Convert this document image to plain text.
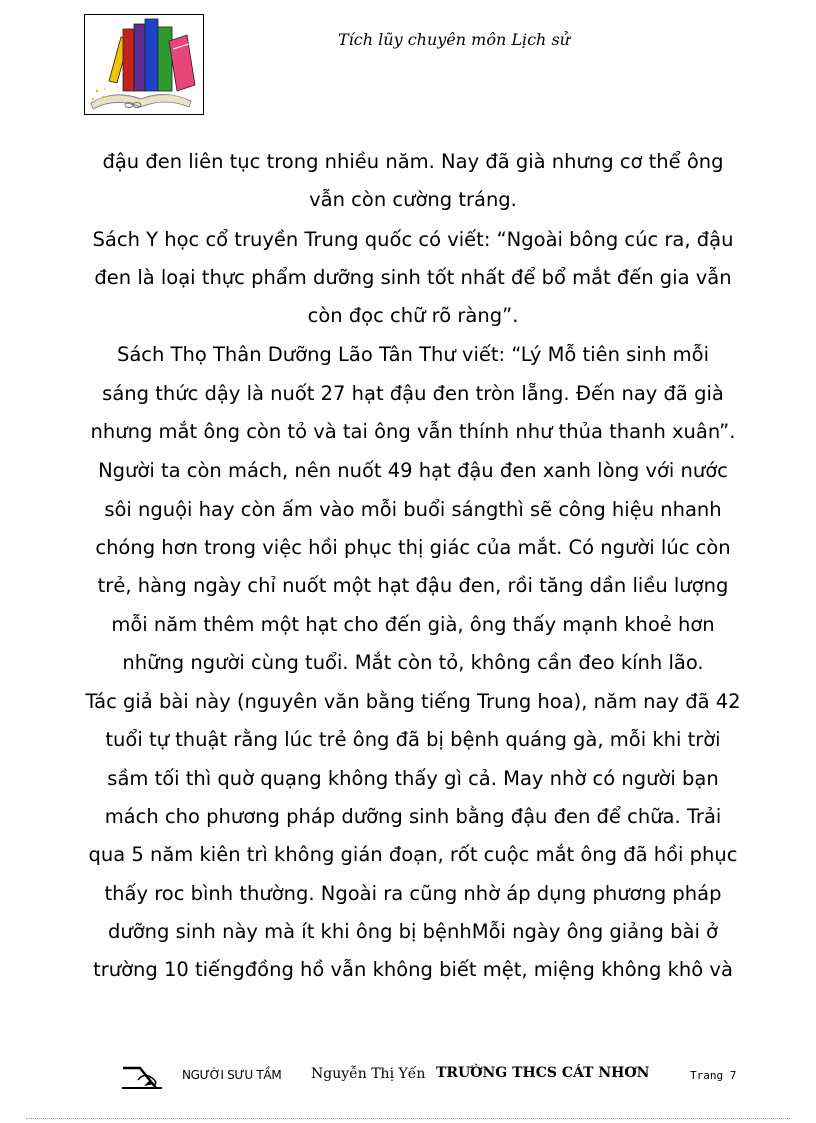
Tích lũy chuyên môn Lịch sử
đậu đen liên tục trong nhiều năm. Nay đã già nhưng cơ thể ông
vẫn còn cường tráng.
Sách Y học cổ truyền Trung quốc có viết: “Ngoài bông cúc ra, đậu
đen là loại thực phẩm dưỡng sinh tốt nhất để bổ mắt đến gia vẫn
còn đọc chữ rõ ràng”.
Sách Thọ Thân Dưỡng Lão Tân Thư viết: “Lý Mỗ tiên sinh mỗi
sáng thức dậy là nuốt 27 hạt đậu đen tròn lẵng. Đến nay đã già
nhưng mắt ông còn tỏ và tai ông vẫn thính như thủa thanh xuân”.
Người ta còn mách, nên nuốt 49 hạt đậu đen xanh lòng với nước
sôi nguội hay còn ấm vào mỗi buổi sángthì sẽ công hiệu nhanh
chóng hơn trong việc hồi phục thị giác của mắt. Có người lúc còn
trẻ, hàng ngày chỉ nuốt một hạt đậu đen, rồi tăng dần liều lượng
mỗi năm thêm một hạt cho đến già, ông thấy mạnh khoẻ hơn
những người cùng tuổi. Mắt còn tỏ, không cần đeo kính lão.
Tác giả bài này (nguyên văn bằng tiếng Trung hoa), năm nay đã 42
tuổi tự thuật rằng lúc trẻ ông đã bị bệnh quáng gà, mỗi khi trời
sầm tối thì quờ quạng không thấy gì cả. May nhờ có người bạn
mách cho phương pháp dưỡng sinh bằng đậu đen để chữa. Trải
qua 5 năm kiên trì không gián đoạn, rốt cuộc mắt ông đã hồi phục
thấy roc bình thường. Ngoài ra cũng nhờ áp dụng phương pháp
dưỡng sinh này mà ít khi ông bị bệnhMỗi ngày ông giảng bài ở
trường 10 tiếngđồng hồ vẫn không biết mệt, miệng không khô và
NGƯỜI SƯU TẦM Nguyễn Thị Yến TRƯỜNG THCS CÁT NHƠN	Trang 7
